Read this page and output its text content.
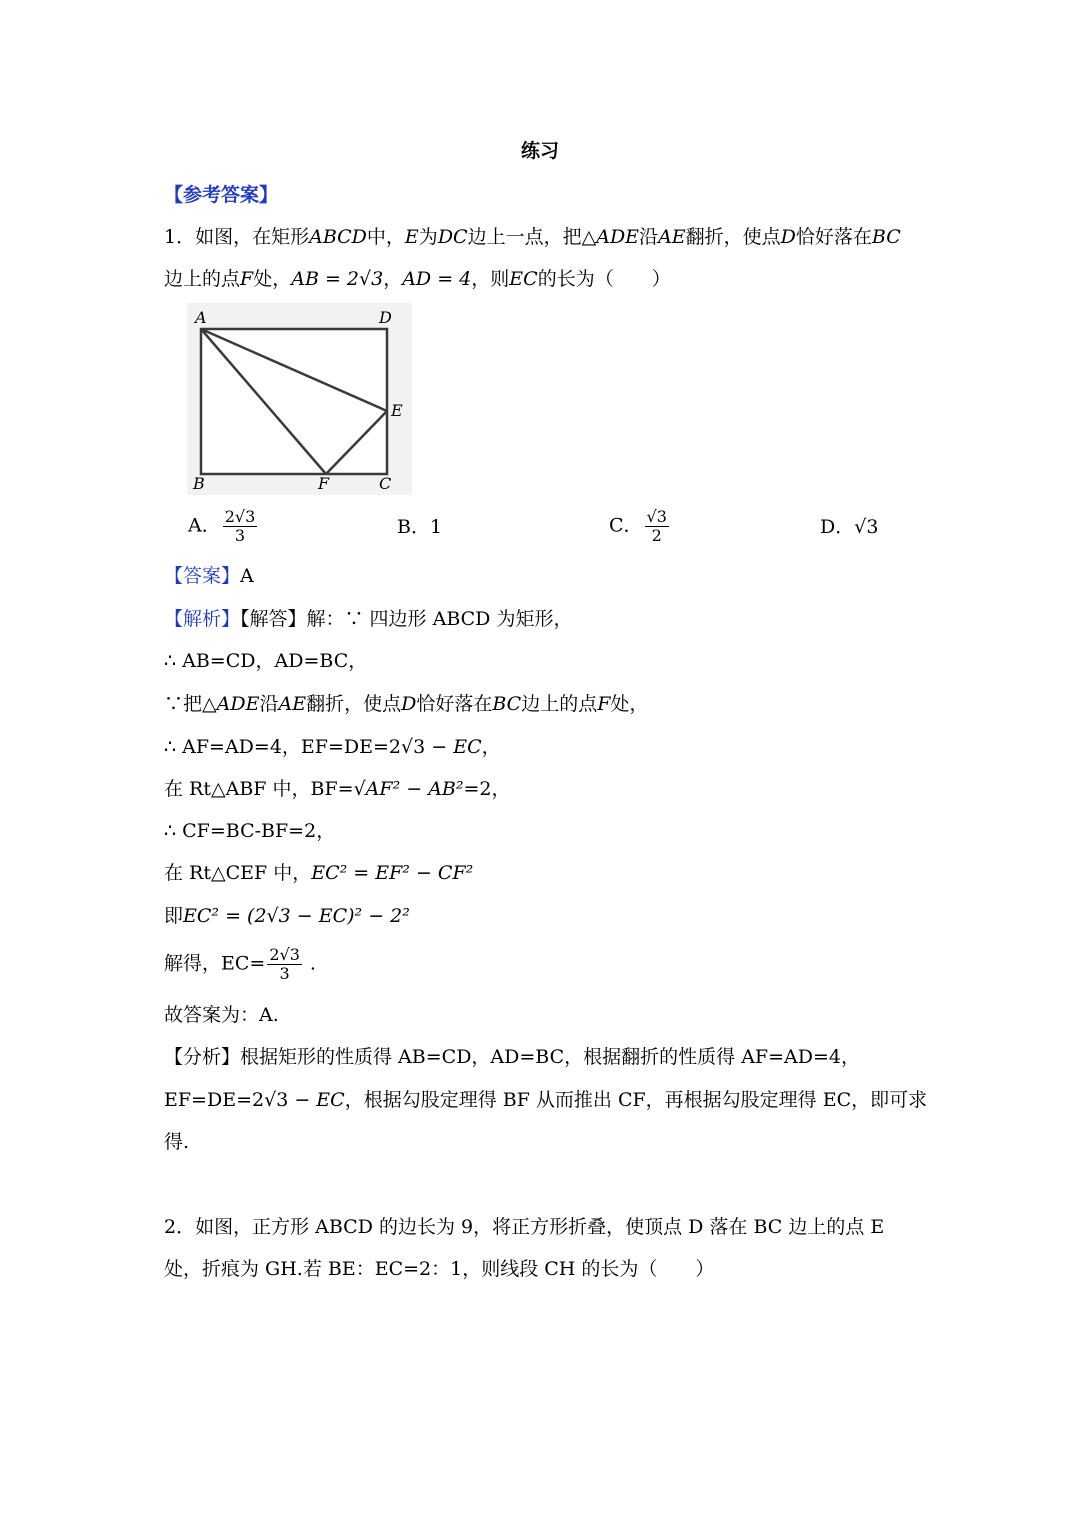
练习
【参考答案】
1．如图，在矩形ABCD中，E为DC边上一点，把△ADE沿AE翻折，使点D恰好落在BC
边上的点F处，AB = 2√3，AD = 4，则EC的长为（　　）
A	D
E
B	F	C
A． $\frac{2√3}{3}$	B．1	C． $\frac{√3}{2}$	D．√3
【答案】A
【解析】【解答】解：∵ 四边形 ABCD 为矩形，
∴ AB=CD，AD=BC，
∵把△ADE沿AE翻折，使点D恰好落在BC边上的点F处，
∴ AF=AD=4，EF=DE=2√3 − EC，
在 Rt△ABF 中，BF=√AF² − AB²=2，
∴ CF=BC-BF=2，
在 Rt△CEF 中，EC² = EF² − CF²
即EC² = (2√3 − EC)² − 2²
解得，$EC= \frac{2√3}{3}$ .
故答案为：A.
【分析】根据矩形的性质得 AB=CD，AD=BC，根据翻折的性质得 AF=AD=4，
EF=DE=2√3 − EC，根据勾股定理得 BF 从而推出 CF，再根据勾股定理得 EC，即可求
得.
2．如图，正方形 ABCD 的边长为 9，将正方形折叠，使顶点 D 落在 BC 边上的点 E
处，折痕为 GH.若 BE：EC=2：1，则线段 CH 的长为（　　）
